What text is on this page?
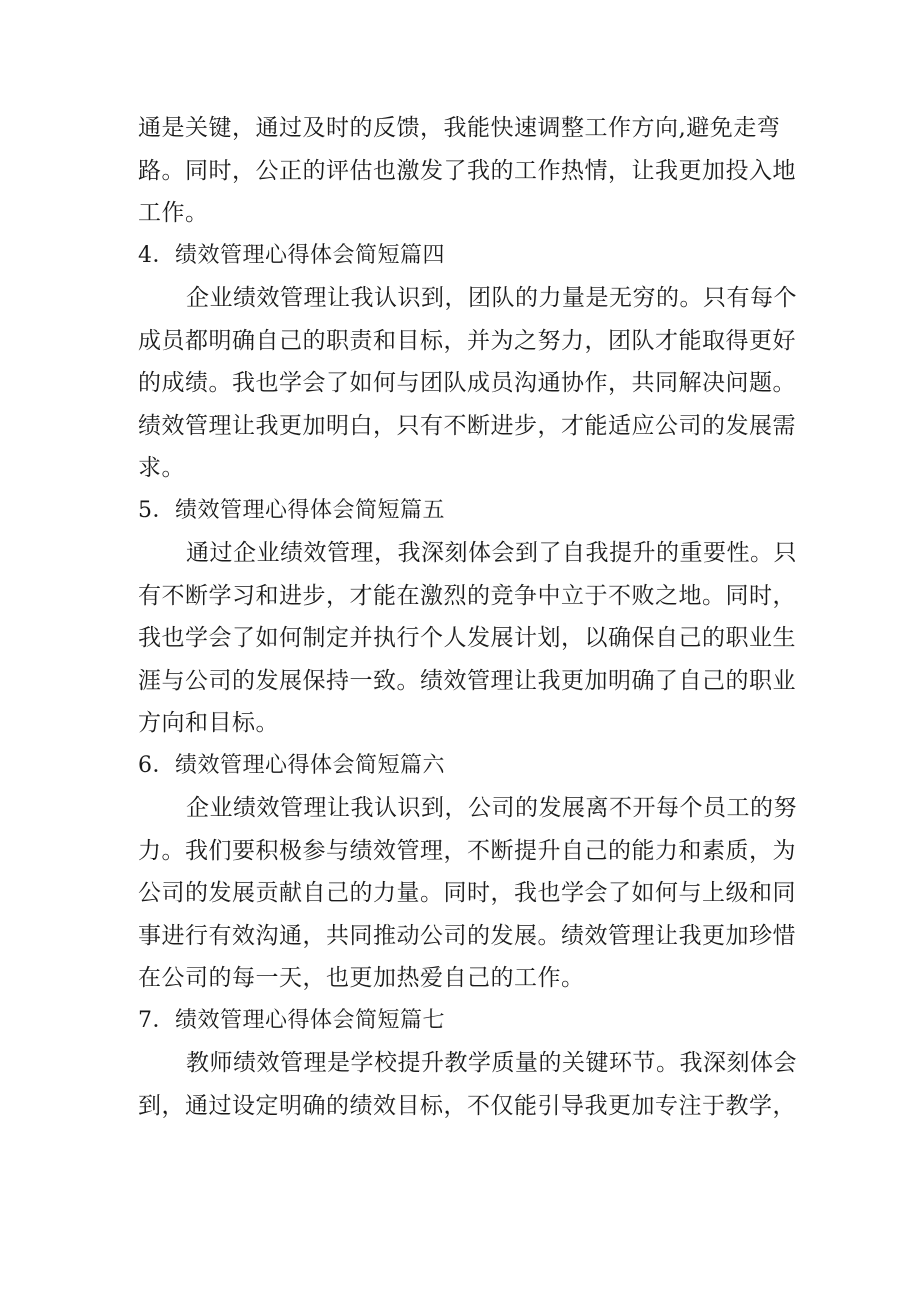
通是关键，通过及时的反馈，我能快速调整工作方向,避免走弯
路。同时，公正的评估也激发了我的工作热情，让我更加投入地
工作。
4．绩效管理心得体会简短篇四
企业绩效管理让我认识到，团队的力量是无穷的。只有每个
成员都明确自己的职责和目标，并为之努力，团队才能取得更好
的成绩。我也学会了如何与团队成员沟通协作，共同解决问题。
绩效管理让我更加明白，只有不断进步，才能适应公司的发展需
求。
5．绩效管理心得体会简短篇五
通过企业绩效管理，我深刻体会到了自我提升的重要性。只
有不断学习和进步，才能在激烈的竞争中立于不败之地。同时，
我也学会了如何制定并执行个人发展计划，以确保自己的职业生
涯与公司的发展保持一致。绩效管理让我更加明确了自己的职业
方向和目标。
6．绩效管理心得体会简短篇六
企业绩效管理让我认识到，公司的发展离不开每个员工的努
力。我们要积极参与绩效管理，不断提升自己的能力和素质，为
公司的发展贡献自己的力量。同时，我也学会了如何与上级和同
事进行有效沟通，共同推动公司的发展。绩效管理让我更加珍惜
在公司的每一天，也更加热爱自己的工作。
7．绩效管理心得体会简短篇七
教师绩效管理是学校提升教学质量的关键环节。我深刻体会
到，通过设定明确的绩效目标，不仅能引导我更加专注于教学，
